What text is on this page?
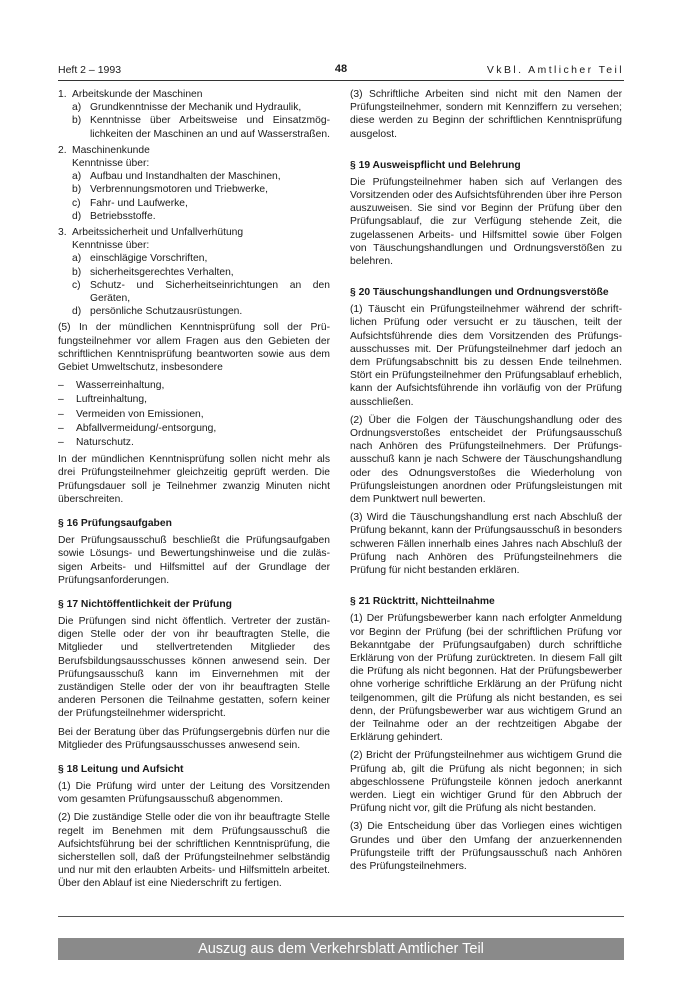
Heft 2 – 1993	48	VkBl. Amtlicher Teil
1. Arbeitskunde der Maschinen
a) Grundkenntnisse der Mechanik und Hydraulik,
b) Kenntnisse über Arbeitsweise und Einsatzmöglichkeiten der Maschinen an und auf Wasserstraßen.
2. Maschinenkunde
Kenntnisse über:
a) Aufbau und Instandhalten der Maschinen,
b) Verbrennungsmotoren und Triebwerke,
c) Fahr- und Laufwerke,
d) Betriebsstoffe.
3. Arbeitssicherheit und Unfallverhütung
Kenntnisse über:
a) einschlägige Vorschriften,
b) sicherheitsgerechtes Verhalten,
c) Schutz- und Sicherheitseinrichtungen an den Geräten,
d) persönliche Schutzausrüstungen.

(5) In der mündlichen Kenntnisprüfung soll der Prüfungsteilnehmer vor allem Fragen aus den Gebieten der schriftlichen Kenntnisprüfung beantworten sowie aus dem Gebiet Umweltschutz, insbesondere

–	Wasserreinhaltung,
–	Luftreinhaltung,
–	Vermeiden von Emissionen,
–	Abfallvermeidung/-entsorgung,
–	Naturschutz.

In der mündlichen Kenntnisprüfung sollen nicht mehr als drei Prüfungsteilnehmer gleichzeitig geprüft werden. Die Prüfungsdauer soll je Teilnehmer zwanzig Minuten nicht überschreiten.

§ 16 Prüfungsaufgaben

Der Prüfungsausschuß beschließt die Prüfungsaufgaben sowie Lösungs- und Bewertungshinweise und die zulässigen Arbeits- und Hilfsmittel auf der Grundlage der Prüfungsanforderungen.

§ 17 Nichtöffentlichkeit der Prüfung

Die Prüfungen sind nicht öffentlich. Vertreter der zuständigen Stelle oder der von ihr beauftragten Stelle, die Mitglieder und stellvertretenden Mitglieder des Berufsbildungsausschusses können anwesend sein. Der Prüfungsausschuß kann im Einvernehmen mit der zuständigen Stelle oder der von ihr beauftragten Stelle anderen Personen die Teilnahme gestatten, sofern keiner der Prüfungsteilnehmer widerspricht.

Bei der Beratung über das Prüfungsergebnis dürfen nur die Mitglieder des Prüfungsausschusses anwesend sein.

§ 18 Leitung und Aufsicht

(1) Die Prüfung wird unter der Leitung des Vorsitzenden vom gesamten Prüfungsausschuß abgenommen.

(2) Die zuständige Stelle oder die von ihr beauftragte Stelle regelt im Benehmen mit dem Prüfungsausschuß die Aufsichtsführung bei der schriftlichen Kenntnisprüfung, die sicherstellen soll, daß der Prüfungsteilnehmer selbständig und nur mit den erlaubten Arbeits- und Hilfsmitteln arbeitet. Über den Ablauf ist eine Niederschrift zu fertigen.

(3) Schriftliche Arbeiten sind nicht mit den Namen der Prüfungsteilnehmer, sondern mit Kennziffern zu versehen; diese werden zu Beginn der schriftlichen Kenntnisprüfung ausgelost.

§ 19 Ausweispflicht und Belehrung

Die Prüfungsteilnehmer haben sich auf Verlangen des Vorsitzenden oder des Aufsichtsführenden über ihre Person auszuweisen. Sie sind vor Beginn der Prüfung über den Prüfungsablauf, die zur Verfügung stehende Zeit, die zugelassenen Arbeits- und Hilfsmittel sowie über Folgen von Täuschungshandlungen und Ordnungsverstößen zu belehren.

§ 20 Täuschungshandlungen und Ordnungsverstöße

(1) Täuscht ein Prüfungsteilnehmer während der schriftlichen Prüfung oder versucht er zu täuschen, teilt der Aufsichtsführende dies dem Vorsitzenden des Prüfungsausschusses mit. Der Prüfungsteilnehmer darf jedoch an dem Prüfungsabschnitt bis zu dessen Ende teilnehmen. Stört ein Prüfungsteilnehmer den Prüfungsablauf erheblich, kann der Aufsichtsführende ihn vorläufig von der Prüfung ausschließen.

(2) Über die Folgen der Täuschungshandlung oder des Ordnungsverstoßes entscheidet der Prüfungsausschuß nach Anhören des Prüfungsteilnehmers. Der Prüfungsausschuß kann je nach Schwere der Täuschungshandlung oder des Odnungsverstoßes die Wiederholung von Prüfungsleistungen anordnen oder Prüfungsleistungen mit dem Punktwert null bewerten.

(3) Wird die Täuschungshandlung erst nach Abschluß der Prüfung bekannt, kann der Prüfungsausschuß in besonders schweren Fällen innerhalb eines Jahres nach Abschluß der Prüfung nach Anhören des Prüfungsteilnehmers die Prüfung für nicht bestanden erklären.

§ 21 Rücktritt, Nichtteilnahme

(1) Der Prüfungsbewerber kann nach erfolgter Anmeldung vor Beginn der Prüfung (bei der schriftlichen Prüfung vor Bekanntgabe der Prüfungsaufgaben) durch schriftliche Erklärung von der Prüfung zurücktreten. In diesem Fall gilt die Prüfung als nicht begonnen. Hat der Prüfungsbewerber ohne vorherige schriftliche Erklärung an der Prüfung nicht teilgenommen, gilt die Prüfung als nicht bestanden, es sei denn, der Prüfungsbewerber war aus wichtigem Grund an der Teilnahme oder an der rechtzeitigen Abgabe der Erklärung gehindert.

(2) Bricht der Prüfungsteilnehmer aus wichtigem Grund die Prüfung ab, gilt die Prüfung als nicht begonnen; in sich abgeschlossene Prüfungsteile können jedoch anerkannt werden. Liegt ein wichtiger Grund für den Abbruch der Prüfung nicht vor, gilt die Prüfung als nicht bestanden.

(3) Die Entscheidung über das Vorliegen eines wichtigen Grundes und über den Umfang der anzuerkennenden Prüfungsteile trifft der Prüfungsausschuß nach Anhören des Prüfungsteilnehmers.

Auszug aus dem Verkehrsblatt Amtlicher Teil
